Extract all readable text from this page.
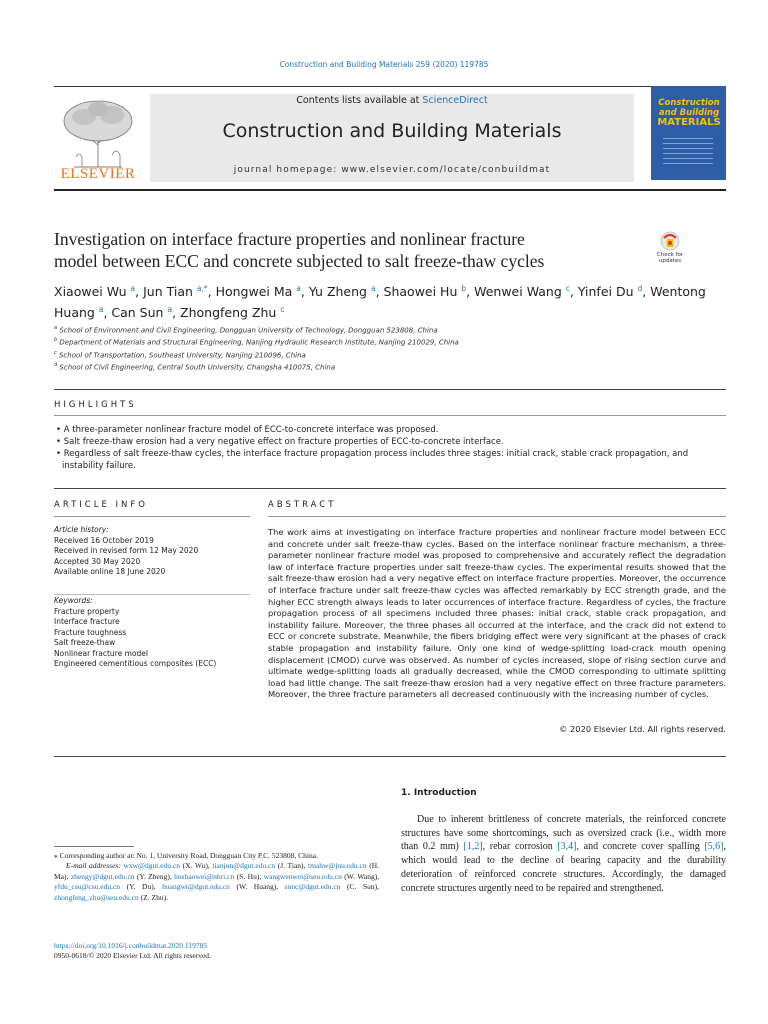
Construction and Building Materials 259 (2020) 119785
ELSEVIER
Contents lists available at ScienceDirect
Construction and Building Materials
journal homepage: www.elsevier.com/locate/conbuildmat
Construction
and Building
MATERIALS
Investigation on interface fracture properties and nonlinear fracture
model between ECC and concrete subjected to salt freeze-thaw cycles	Check for updates
Xiaowei Wu $^a$, Jun Tian $^{a,*}$, Hongwei Ma $^a$, Yu Zheng $^a$, Shaowei Hu $^b$, Wenwei Wang $^c$, Yinfei Du $^d$, Wentong Huang $^a$, Can Sun $^a$, Zhongfeng Zhu $^c$
$^a$ School of Environment and Civil Engineering, Dongguan University of Technology, Dongguan 523808, China
$^b$ Department of Materials and Structural Engineering, Nanjing Hydraulic Research Institute, Nanjing 210029, China
$^c$ School of Transportation, Southeast University, Nanjing 210096, China
$^d$ School of Civil Engineering, Central South University, Changsha 410075, China
HIGHLIGHTS
• A three-parameter nonlinear fracture model of ECC-to-concrete interface was proposed.
• Salt freeze-thaw erosion had a very negative effect on fracture properties of ECC-to-concrete interface.
• Regardless of salt freeze-thaw cycles, the interface fracture propagation process includes three stages: initial crack, stable crack propagation, and instability failure.
ARTICLE INFO	ABSTRACT
Article history:
Received 16 October 2019
Received in revised form 12 May 2020
Accepted 30 May 2020
Available online 18 June 2020
Keywords:
Fracture property
Interface fracture
Fracture toughness
Salt freeze-thaw
Nonlinear fracture model
Engineered cementitious composites (ECC)
The work aims at investigating on interface fracture properties and nonlinear fracture model between ECC and concrete under salt freeze-thaw cycles. Based on the interface nonlinear fracture mechanism, a three-parameter nonlinear fracture model was proposed to comprehensive and accurately reflect the degradation law of interface fracture properties under salt freeze-thaw cycles. The experimental results showed that the salt freeze-thaw erosion had a very negative effect on interface fracture properties. Moreover, the occurrence of interface fracture under salt freeze-thaw cycles was affected remarkably by ECC strength grade, and the higher ECC strength always leads to later occurrences of interface fracture. Regardless of cycles, the fracture propagation process of all specimens included three phases: initial crack, stable crack propagation, and instability failure. Moreover, the three phases all occurred at the interface, and the crack did not extend to ECC or concrete substrate. Meanwhile, the fibers bridging effect were very significant at the phases of crack stable propagation and instability failure. Only one kind of wedge-splitting load-crack mouth opening displacement (CMOD) curve was observed. As number of cycles increased, slope of rising section curve and ultimate wedge-splitting loads all gradually decreased, while the CMOD corresponding to ultimate splitting load had little change. The salt freeze-thaw erosion had a very negative effect on three fracture parameters. Moreover, the three fracture parameters all decreased continuously with the increasing number of cycles.
© 2020 Elsevier Ltd. All rights reserved.
1. Introduction

Due to inherent brittleness of concrete materials, the reinforced concrete structures have some shortcomings, such as oversized crack (i.e., width more than 0.2 mm) [1,2], rebar corrosion [3,4], and concrete cover spalling [5,6], which would lead to the decline of bearing capacity and the durability deterioration of reinforced concrete structures. Accordingly, the damaged concrete structures urgently need to be repaired and strengthened.

⁎ Corresponding author at: No. 1, University Road, Dongguan City P.C. 523808, China.
E-mail addresses: wxw@dgut.edu.cn (X. Wu), tianjun@dgut.edu.cn (J. Tian), tmahw@jnu.edu.cn (H. Ma), zhengy@dgut.edu.cn (Y. Zheng), hushaowei@nhri.cn (S. Hu), wangwenwei@seu.edu.cn (W. Wang), yfdu_csu@csu.edu.cn (Y. Du), huangwt@dgut.edu.cn (W. Huang), sunc@dgut.edu.cn (C. Sun), zhongfeng_zhu@seu.edu.cn (Z. Zhu).
https://doi.org/10.1016/j.conbuildmat.2020.119785
0950-0618/© 2020 Elsevier Ltd. All rights reserved.
